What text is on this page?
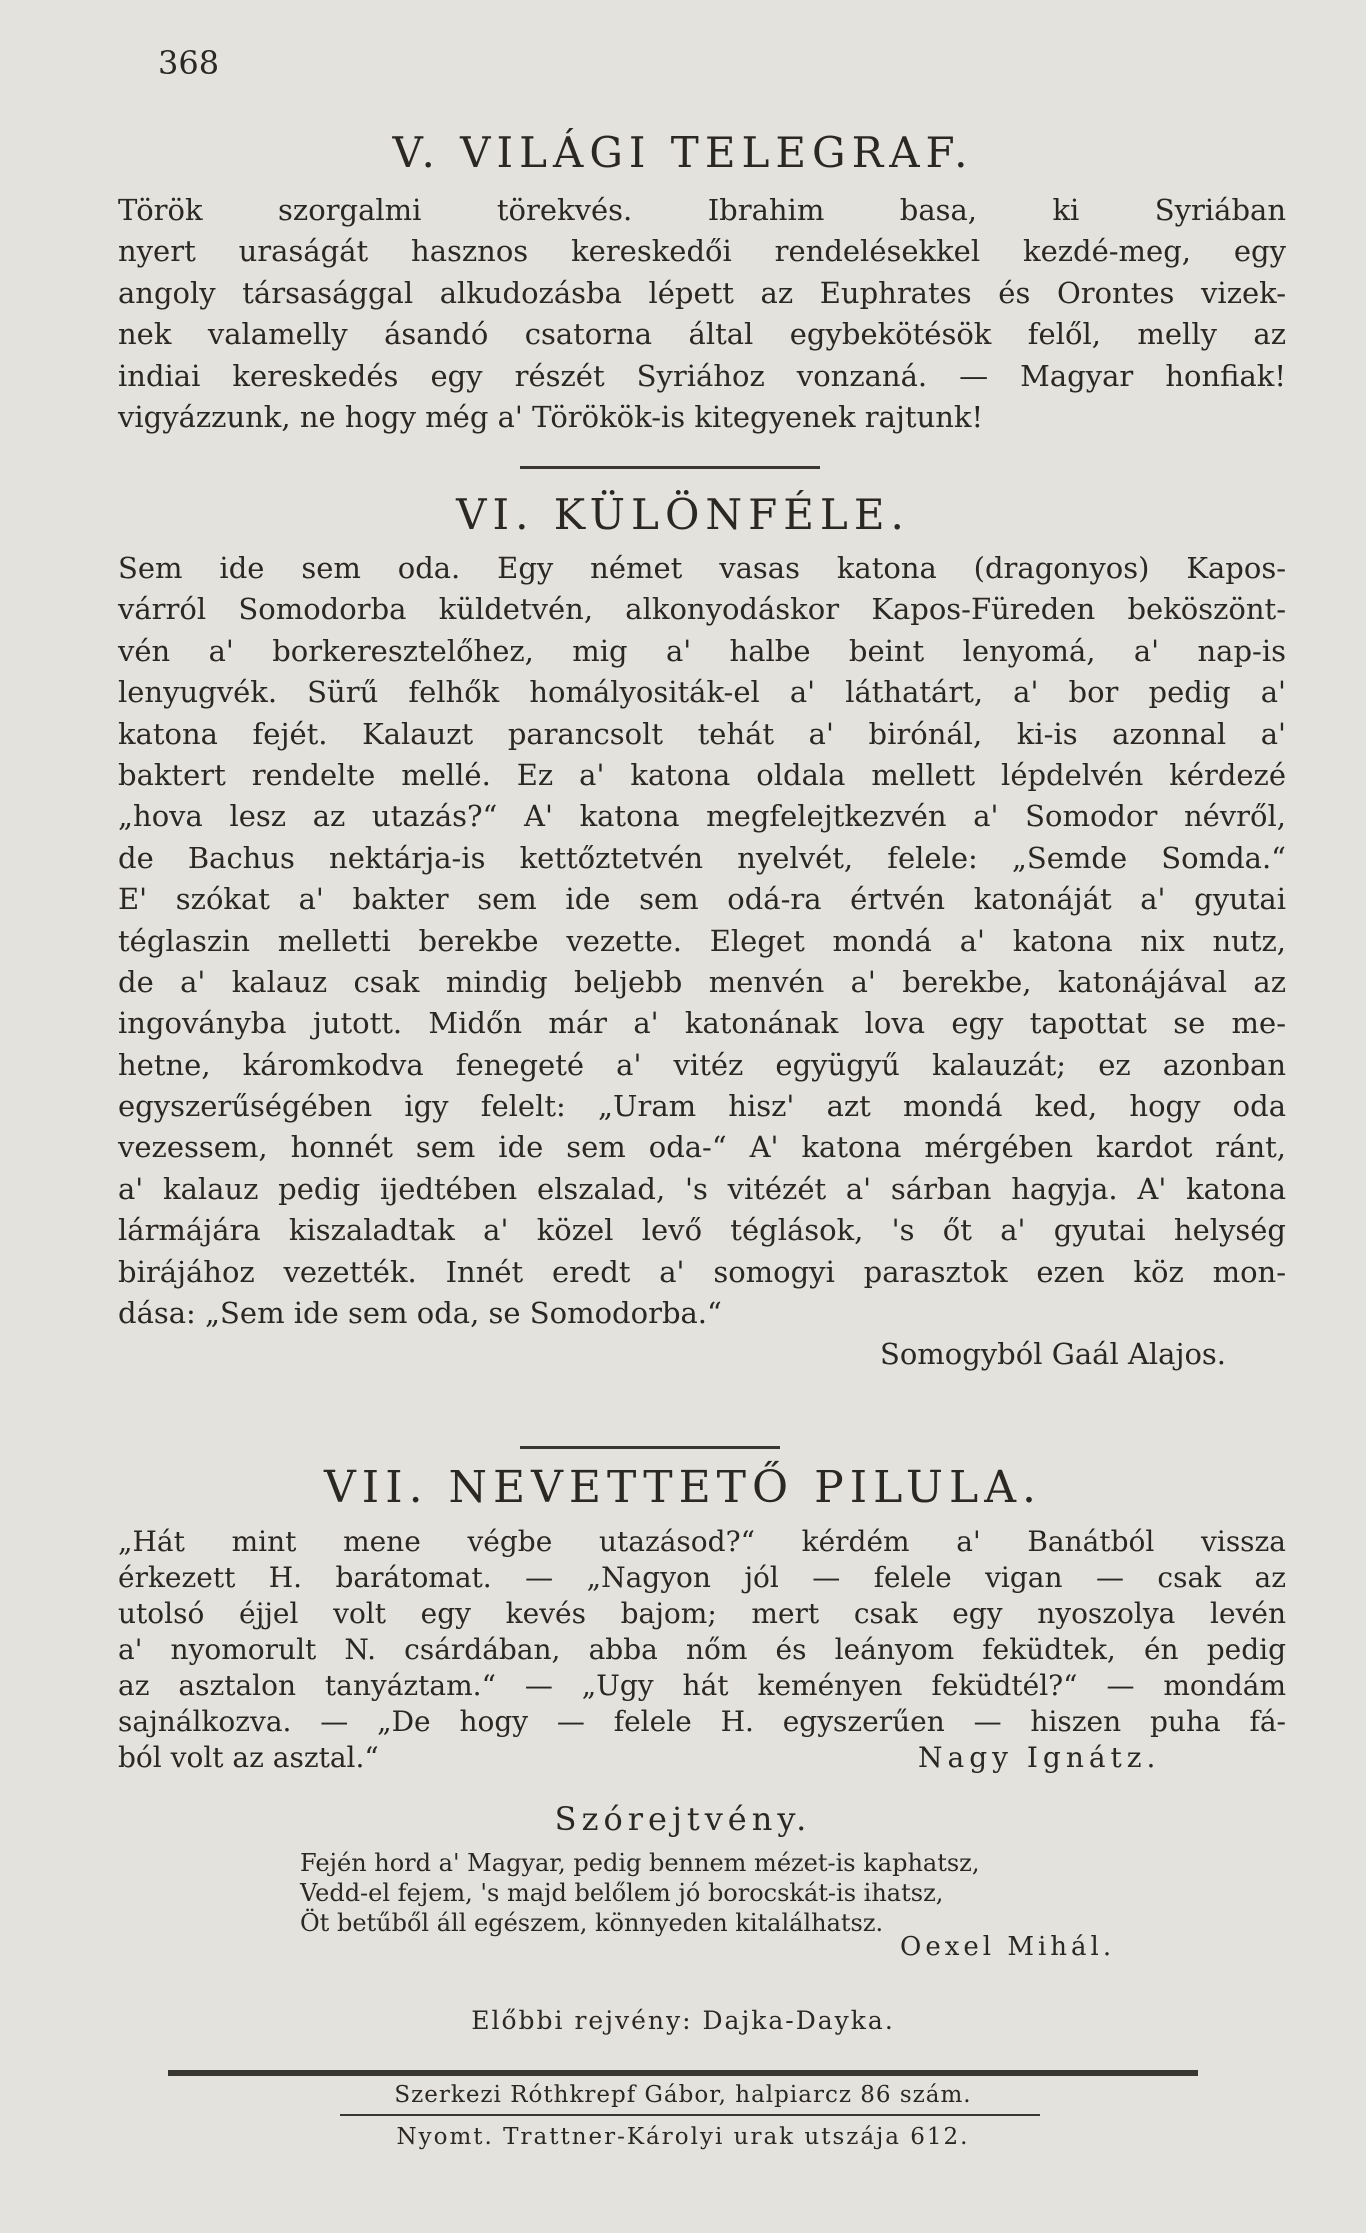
368
V. VILÁGI TELEGRAF.
Török szorgalmi törekvés. Ibrahim basa, ki Syriában
nyert uraságát hasznos kereskedői rendelésekkel kezdé-meg, egy
angoly társasággal alkudozásba lépett az Euphrates és Orontes vizek-
nek valamelly ásandó csatorna által egybekötésök felől, melly az
indiai kereskedés egy részét Syriához vonzaná. — Magyar honfiak!
vigyázzunk, ne hogy még a' Törökök-is kitegyenek rajtunk!
VI. KÜLÖNFÉLE.
Sem ide sem oda. Egy német vasas katona (dragonyos) Kapos-
várról Somodorba küldetvén, alkonyodáskor Kapos-Füreden beköszönt-
vén a' borkeresztelőhez, mig a' halbe beint lenyomá, a' nap-is
lenyugvék. Sürű felhők homályositák-el a' láthatárt, a' bor pedig a'
katona fejét. Kalauzt parancsolt tehát a' birónál, ki-is azonnal a'
baktert rendelte mellé. Ez a' katona oldala mellett lépdelvén kérdezé
„hova lesz az utazás?“ A' katona megfelejtkezvén a' Somodor névről,
de Bachus nektárja-is kettőztetvén nyelvét, felele: „Semde Somda.“
E' szókat a' bakter sem ide sem odá-ra értvén katonáját a' gyutai
téglaszin melletti berekbe vezette. Eleget mondá a' katona nix nutz,
de a' kalauz csak mindig beljebb menvén a' berekbe, katonájával az
ingoványba jutott. Midőn már a' katonának lova egy tapottat se me-
hetne, káromkodva fenegeté a' vitéz együgyű kalauzát; ez azonban
egyszerűségében igy felelt: „Uram hisz' azt mondá ked, hogy oda
vezessem, honnét sem ide sem oda-“ A' katona mérgében kardot ránt,
a' kalauz pedig ijedtében elszalad, 's vitézét a' sárban hagyja. A' katona
lármájára kiszaladtak a' közel levő téglások, 's őt a' gyutai helység
birájához vezették. Innét eredt a' somogyi parasztok ezen köz mon-
dása: „Sem ide sem oda, se Somodorba.“
Somogyból Gaál Alajos.
VII. NEVETTETŐ PILULA.
„Hát mint mene végbe utazásod?“ kérdém a' Banátból vissza
érkezett H. barátomat. — „Nagyon jól — felele vigan — csak az
utolsó éjjel volt egy kevés bajom; mert csak egy nyoszolya levén
a' nyomorult N. csárdában, abba nőm és leányom feküdtek, én pedig
az asztalon tanyáztam.“ — „Ugy hát keményen feküdtél?“ — mondám
sajnálkozva. — „De hogy — felele H. egyszerűen — hiszen puha fá-
ból volt az asztal.“	Nagy Ignátz.
Szórejtvény.
Fején hord a' Magyar, pedig bennem mézet-is kaphatsz,
Vedd-el fejem, 's majd belőlem jó borocskát-is ihatsz,
Öt betűből áll egészem, könnyeden kitalálhatsz.
Oexel Mihál.
Előbbi rejvény: Dajka-Dayka.
Szerkezi Róthkrepf Gábor, halpiarcz 86 szám.
Nyomt. Trattner-Károlyi urak utszája 612.
